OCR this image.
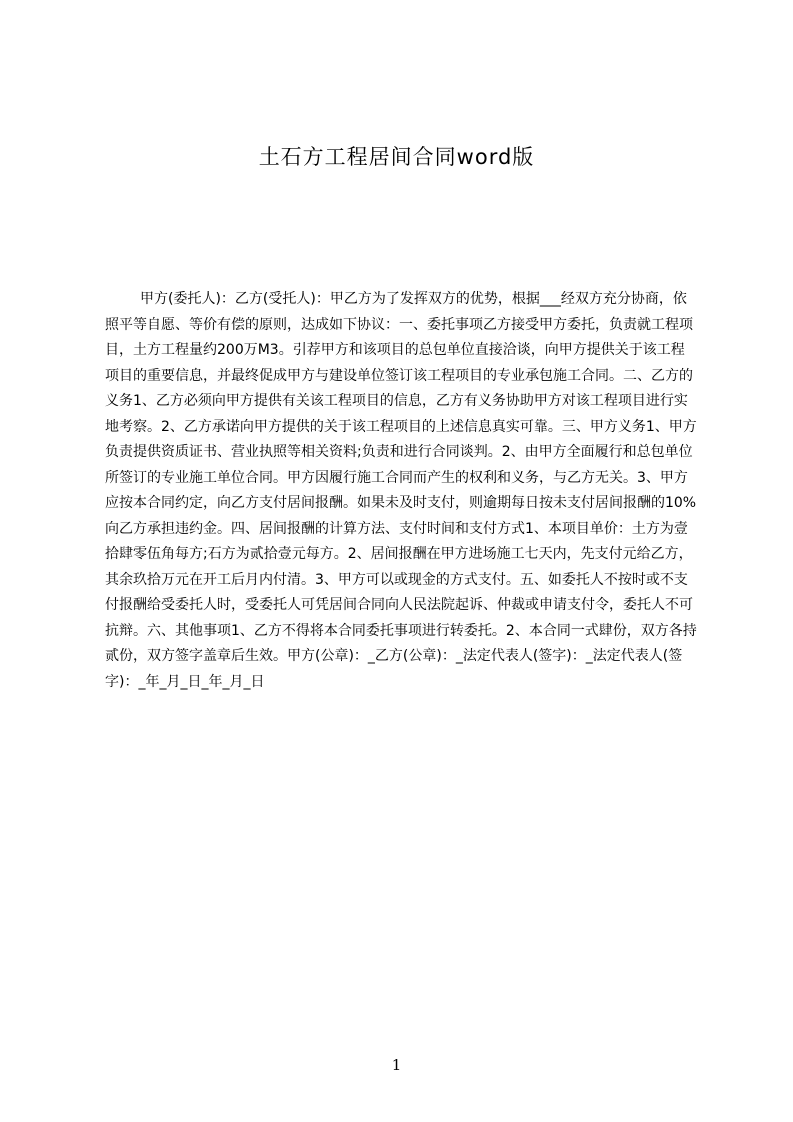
土石方工程居间合同word版

甲方(委托人)：乙方(受托人)：甲乙方为了发挥双方的优势，根据___经双方充分协商，依照平等自愿、等价有偿的原则，达成如下协议：一、委托事项乙方接受甲方委托，负责就工程项目，土方工程量约200万M3。引荐甲方和该项目的总包单位直接洽谈，向甲方提供关于该工程项目的重要信息，并最终促成甲方与建设单位签订该工程项目的专业承包施工合同。二、乙方的义务1、乙方必须向甲方提供有关该工程项目的信息，乙方有义务协助甲方对该工程项目进行实地考察。2、乙方承诺向甲方提供的关于该工程项目的上述信息真实可靠。三、甲方义务1、甲方负责提供资质证书、营业执照等相关资料;负责和进行合同谈判。2、由甲方全面履行和总包单位所签订的专业施工单位合同。甲方因履行施工合同而产生的权利和义务，与乙方无关。3、甲方应按本合同约定，向乙方支付居间报酬。如果未及时支付，则逾期每日按未支付居间报酬的10%向乙方承担违约金。四、居间报酬的计算方法、支付时间和支付方式1、本项目单价：土方为壹拾肆零伍角每方;石方为贰拾壹元每方。2、居间报酬在甲方进场施工七天内，先支付元给乙方，其余玖拾万元在开工后月内付清。3、甲方可以或现金的方式支付。五、如委托人不按时或不支付报酬给受委托人时，受委托人可凭居间合同向人民法院起诉、仲裁或申请支付令，委托人不可抗辩。六、其他事项1、乙方不得将本合同委托事项进行转委托。2、本合同一式肆份，双方各持贰份，双方签字盖章后生效。甲方(公章)：_乙方(公章)：_法定代表人(签字)：_法定代表人(签字)：_年_月_日_年_月_日

1
